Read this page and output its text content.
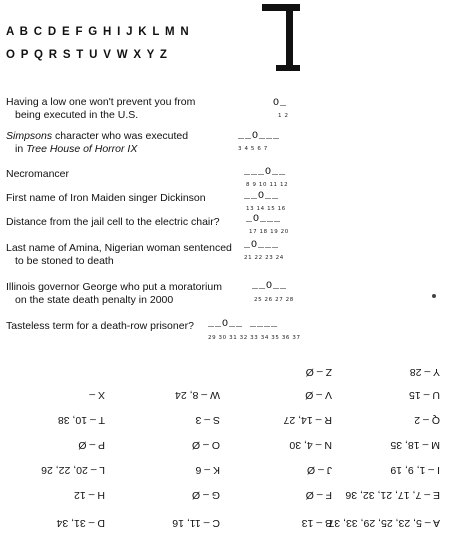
A B C D E F G H I J K L M N
O P Q R S T U V W X Y Z
Having a low one won't prevent you from
being executed in the U.S.
O_
1 2
Simpsons character who was executed
in Tree House of Horror IX
__O___
3 4 5 6 7
Necromancer	___O__
8 9 10 11 12
First name of Iron Maiden singer Dickinson	__O__
13 14 15 16
Distance from the jail cell to the electric chair?	_O___
17 18 19 20
Last name of Amina, Nigerian woman sentenced
to be stoned to death
_O___
21 22 23 24
Illinois governor George who put a moratorium
on the state death penalty in 2000
__O__
25 26 27 28
Tasteless term for a death-row prisoner? __O__ ____
29 30 31 32 33 34 35 36 37
A – 5, 23, 25, 29, 33, 37
B – 13
C – 11, 16
D – 31, 34
E – 7, 17, 21, 32, 36
F – Ø
G – Ø
H – 12
I – 1, 9, 19
J – Ø
K – 6
L – 20, 22, 26
M – 18, 35
N – 4, 30
O – Ø
P – Ø
Q – 2
R – 14, 27
S – 3
T – 10, 38
U – 15
V – Ø
W – 8, 24
X –
Y – 28
Z – Ø
